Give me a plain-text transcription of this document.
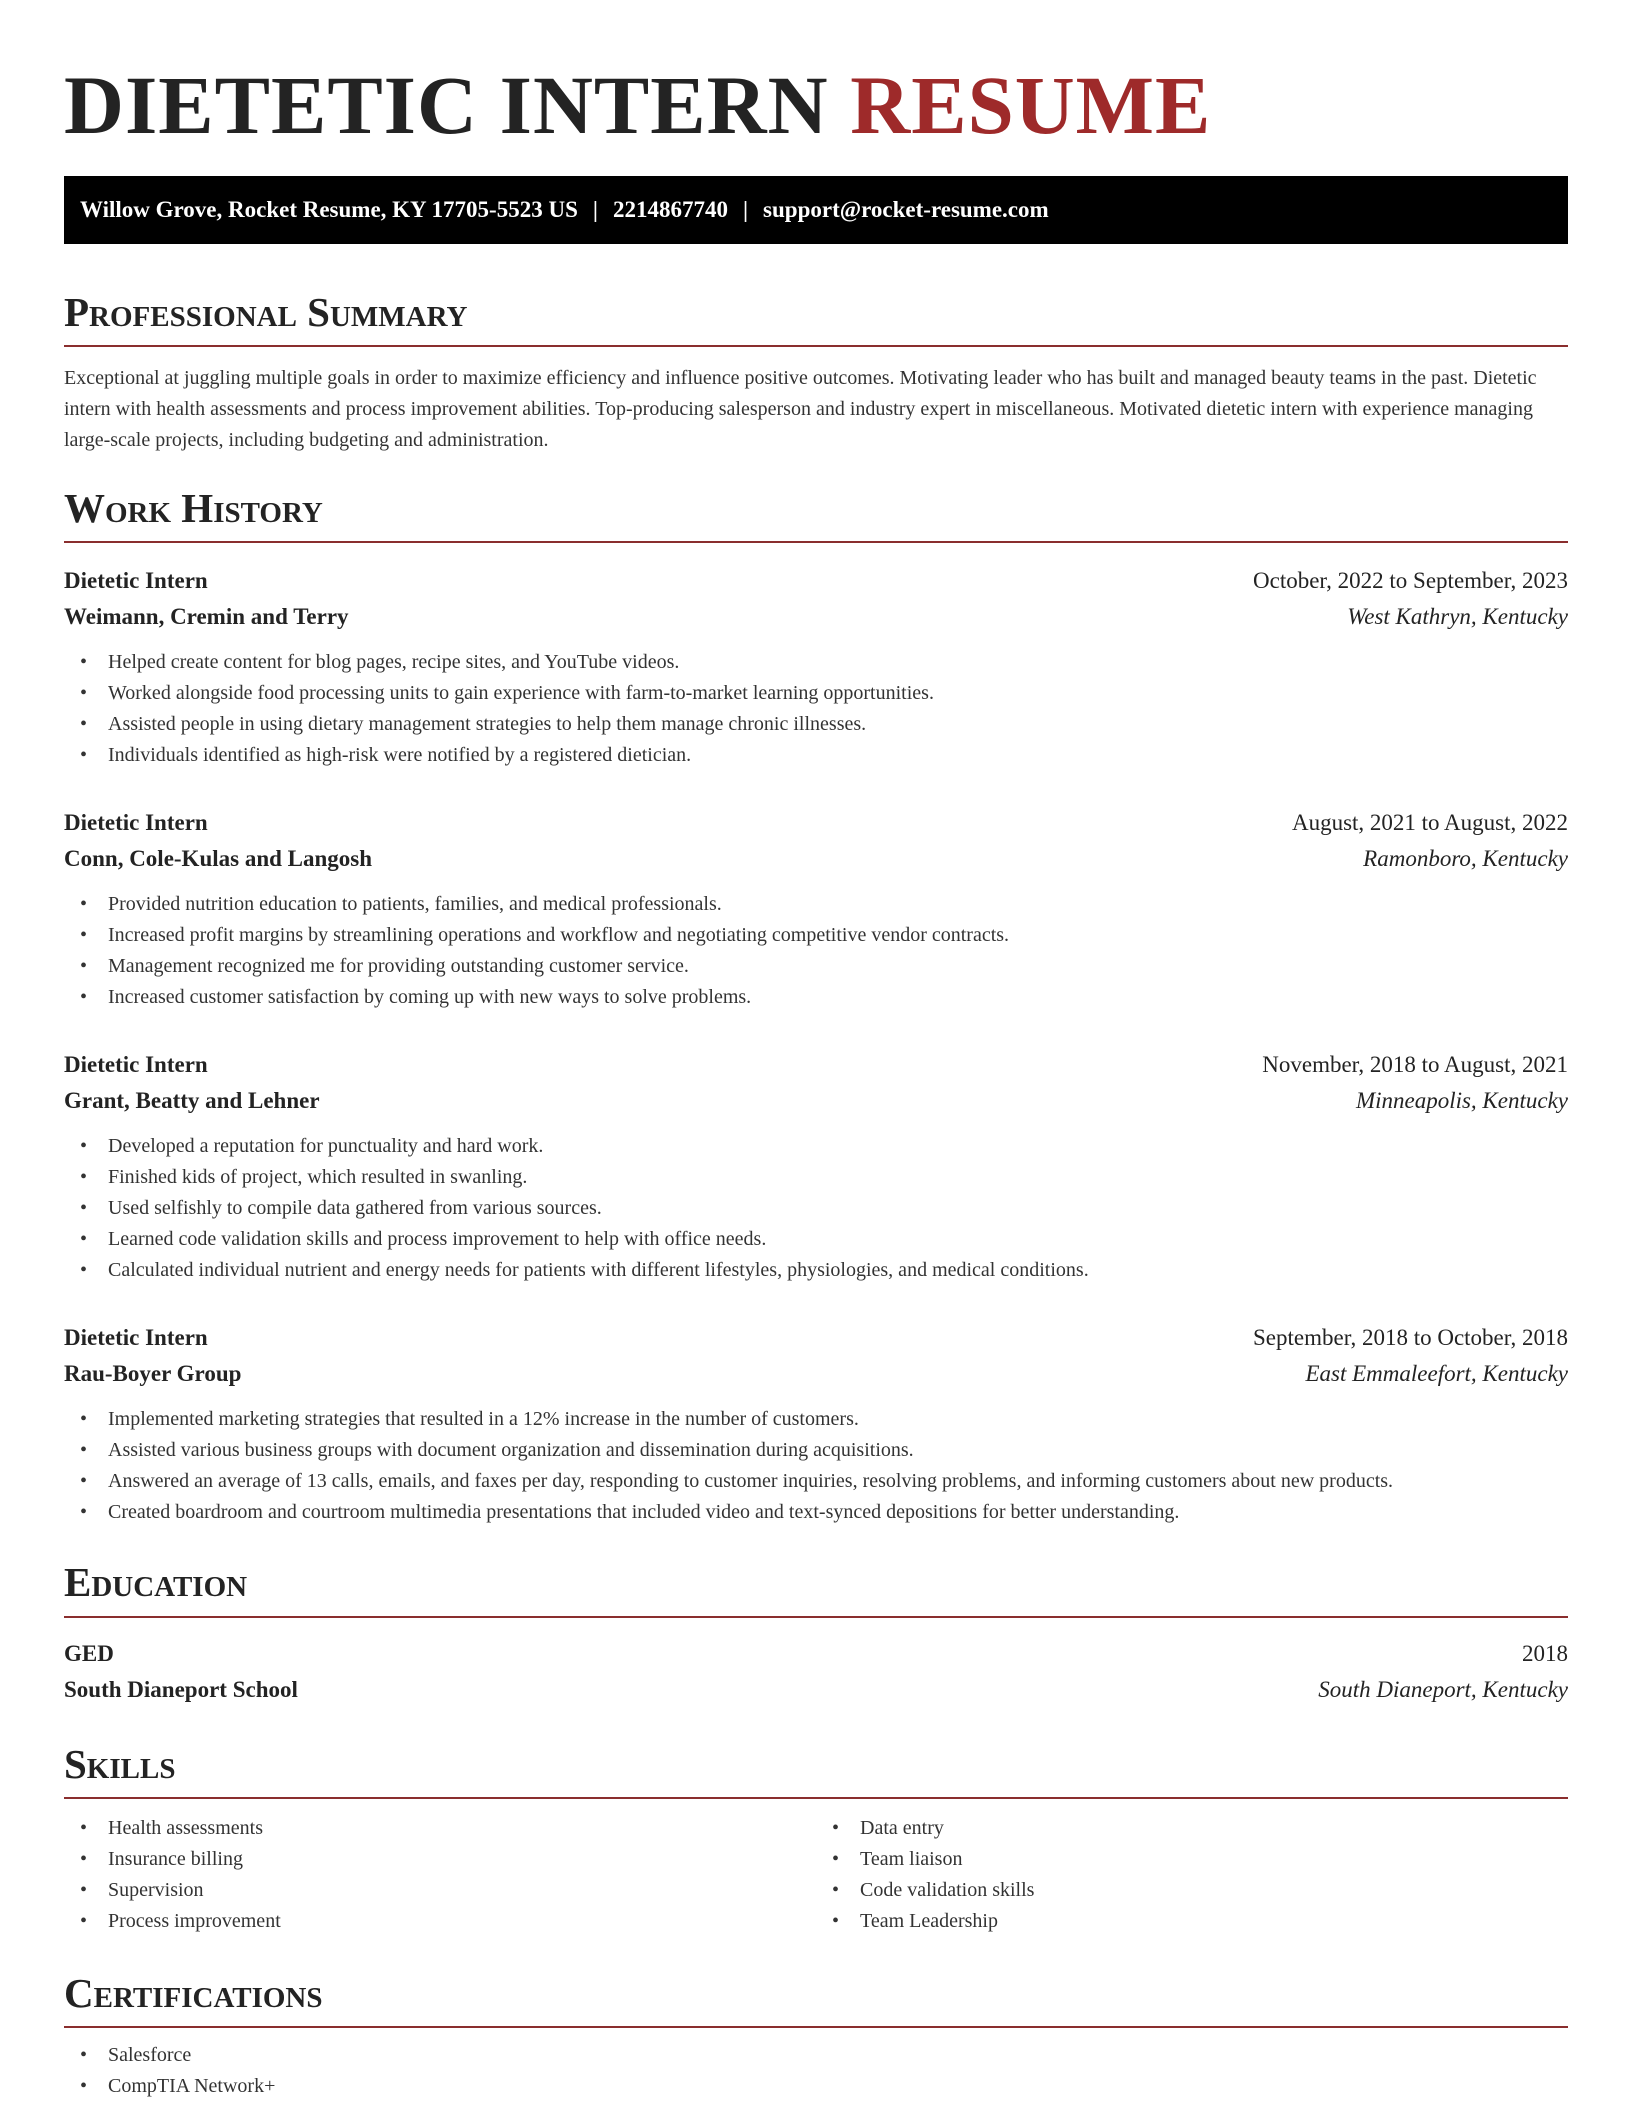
DIETETIC INTERN RESUME
Willow Grove, Rocket Resume, KY 17705-5523 US | 2214867740 | support@rocket-resume.com
Professional Summary

Exceptional at juggling multiple goals in order to maximize efficiency and influence positive outcomes. Motivating leader who has built and managed beauty teams in the past. Dietetic intern with health assessments and process improvement abilities. Top-producing salesperson and industry expert in miscellaneous. Motivated dietetic intern with experience managing large-scale projects, including budgeting and administration.

Work History
Dietetic Intern	October, 2022 to September, 2023
Weimann, Cremin and Terry	West Kathryn, Kentucky
• Helped create content for blog pages, recipe sites, and YouTube videos.
• Worked alongside food processing units to gain experience with farm-to-market learning opportunities.
• Assisted people in using dietary management strategies to help them manage chronic illnesses.
• Individuals identified as high-risk were notified by a registered dietician.
Dietetic Intern	August, 2021 to August, 2022
Conn, Cole-Kulas and Langosh	Ramonboro, Kentucky
• Provided nutrition education to patients, families, and medical professionals.
• Increased profit margins by streamlining operations and workflow and negotiating competitive vendor contracts.
• Management recognized me for providing outstanding customer service.
• Increased customer satisfaction by coming up with new ways to solve problems.
Dietetic Intern	November, 2018 to August, 2021
Grant, Beatty and Lehner	Minneapolis, Kentucky
• Developed a reputation for punctuality and hard work.
• Finished kids of project, which resulted in swanling.
• Used selfishly to compile data gathered from various sources.
• Learned code validation skills and process improvement to help with office needs.
• Calculated individual nutrient and energy needs for patients with different lifestyles, physiologies, and medical conditions.
Dietetic Intern	September, 2018 to October, 2018
Rau-Boyer Group	East Emmaleefort, Kentucky
• Implemented marketing strategies that resulted in a 12% increase in the number of customers.
• Assisted various business groups with document organization and dissemination during acquisitions.
• Answered an average of 13 calls, emails, and faxes per day, responding to customer inquiries, resolving problems, and informing customers about new products.
• Created boardroom and courtroom multimedia presentations that included video and text-synced depositions for better understanding.
Education
GED	2018
South Dianeport School	South Dianeport, Kentucky
Skills
• Health assessments
• Insurance billing
• Supervision
• Process improvement
• Data entry
• Team liaison
• Code validation skills
• Team Leadership
Certifications
• Salesforce
• CompTIA Network+
